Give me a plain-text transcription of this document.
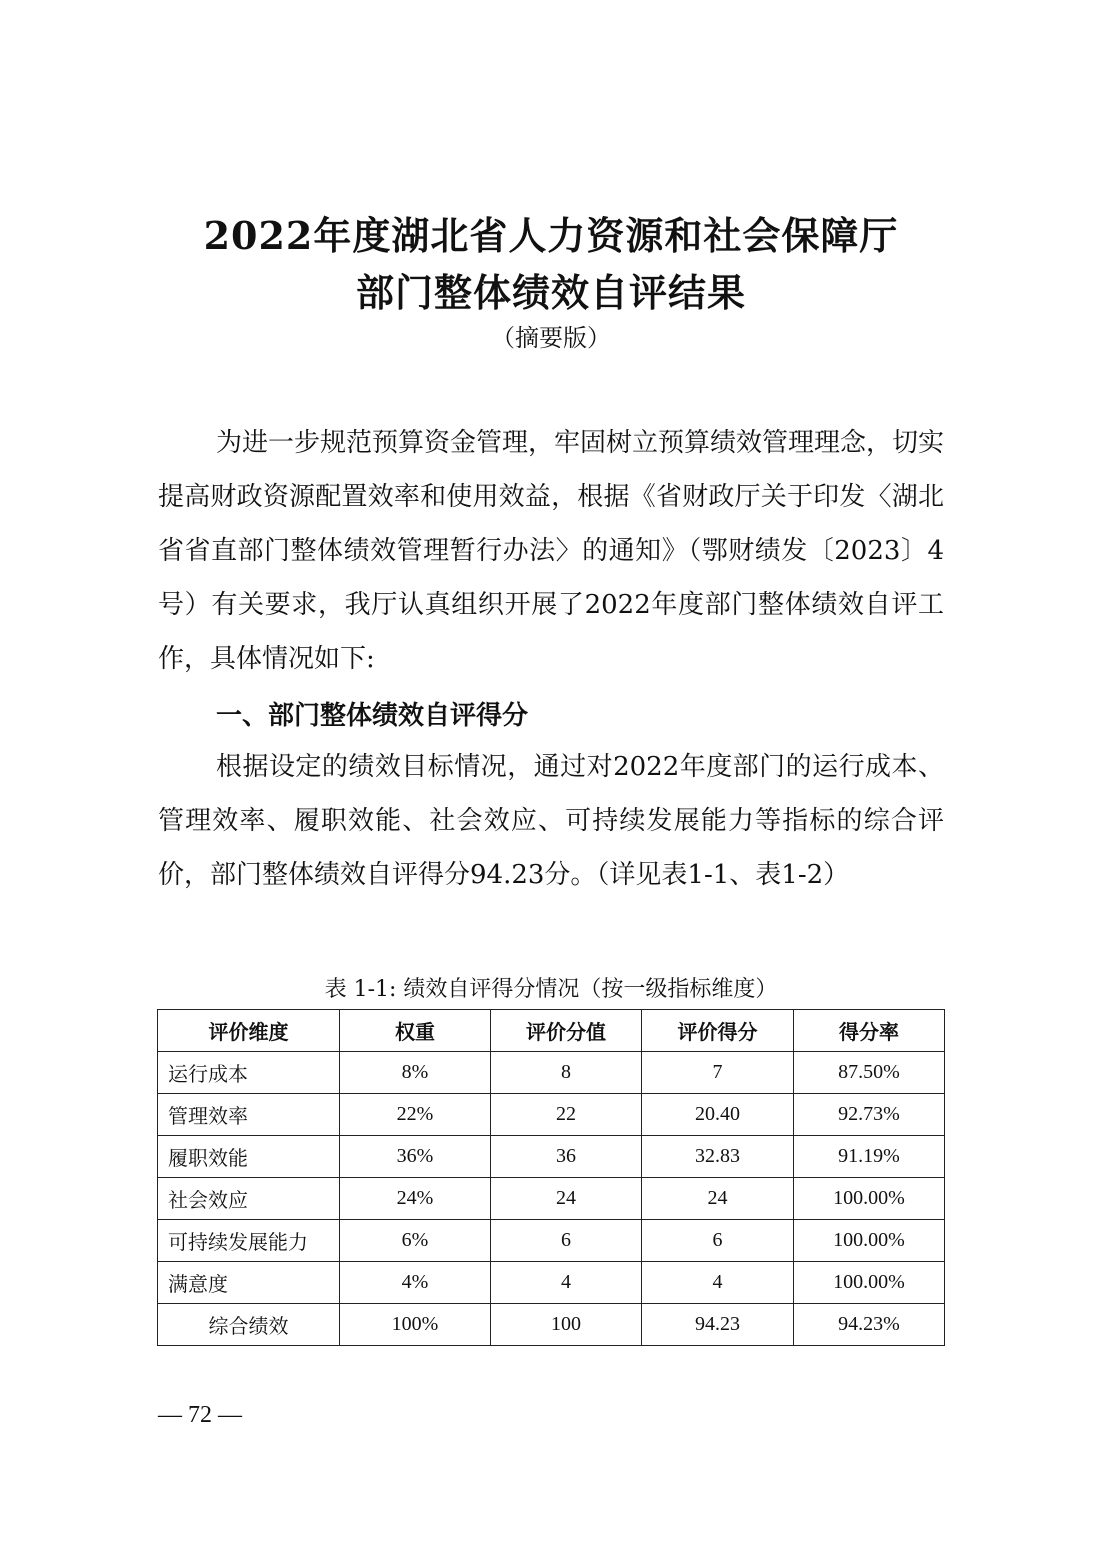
2022年度湖北省人力资源和社会保障厅
部门整体绩效自评结果
（摘要版）

为进一步规范预算资金管理，牢固树立预算绩效管理理念，切实提高财政资源配置效率和使用效益，根据《省财政厅关于印发〈湖北省省直部门整体绩效管理暂行办法〉的通知》（鄂财绩发〔2023〕4号）有关要求，我厅认真组织开展了2022年度部门整体绩效自评工作，具体情况如下:

一、部门整体绩效自评得分

根据设定的绩效目标情况，通过对2022年度部门的运行成本、管理效率、履职效能、社会效应、可持续发展能力等指标的综合评价，部门整体绩效自评得分94.23分。（详见表1-1、表1-2）

表 1-1: 绩效自评得分情况（按一级指标维度）
评价维度	权重	评价分值	评价得分	得分率
运行成本	8%	8	7	87.50%
管理效率	22%	22	20.40	92.73%
履职效能	36%	36	32.83	91.19%
社会效应	24%	24	24	100.00%
可持续发展能力	6%	6	6	100.00%
满意度	4%	4	4	100.00%
综合绩效	100%	100	94.23	94.23%
— 72 —
